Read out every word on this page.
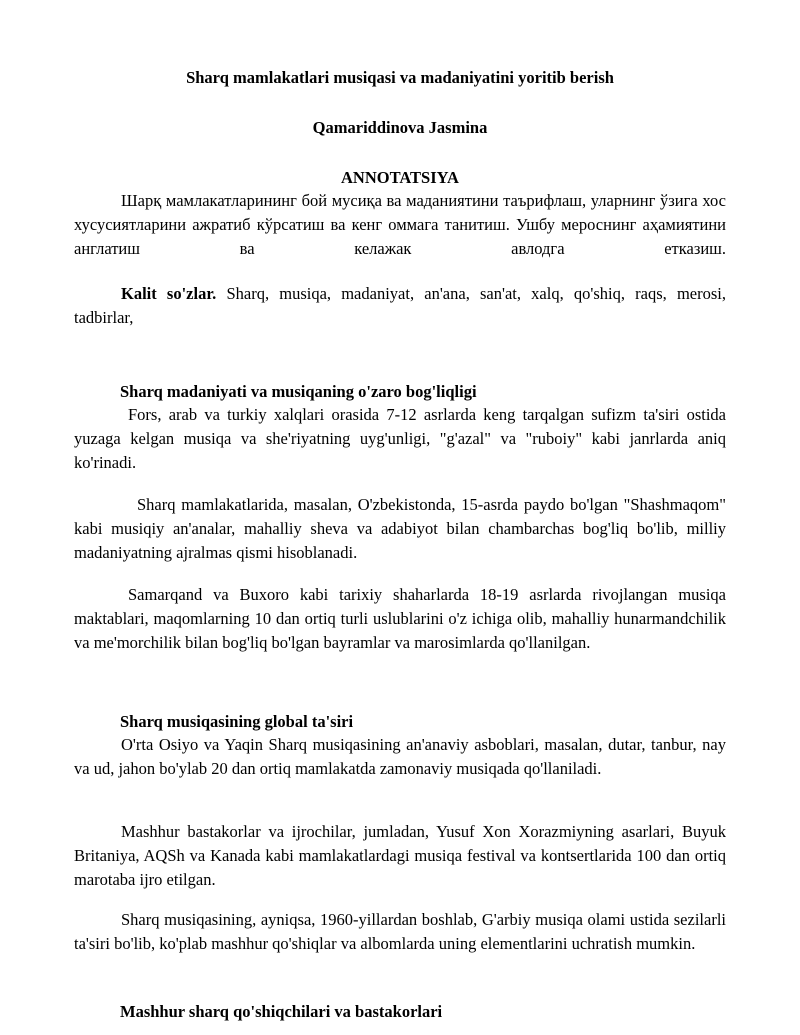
Sharq mamlakatlari musiqasi va madaniyatini yoritib berish
Qamariddinova Jasmina
ANNOTATSIYA
Шарқ мамлакатларининг бой мусиқа ва маданиятини таърифлаш, уларнинг ўзига хос хусусиятларини ажратиб кўрсатиш ва кенг оммага танитиш. Ушбу мероснинг аҳамиятини англатиш ва келажак авлодга етказиш.
Kalit so'zlar. Sharq, musiqa, madaniyat, an'ana, san'at, xalq, qo'shiq, raqs, merosi, tadbirlar,
Sharq madaniyati va musiqaning o'zaro bog'liqligi
Fors, arab va turkiy xalqlari orasida 7-12 asrlarda keng tarqalgan sufizm ta'siri ostida yuzaga kelgan musiqa va she'riyatning uyg'unligi, "g'azal" va "ruboiy" kabi janrlarda aniq ko'rinadi.
Sharq mamlakatlarida, masalan, O'zbekistonda, 15-asrda paydo bo'lgan "Shashmaqom" kabi musiqiy an'analar, mahalliy sheva va adabiyot bilan chambarchas bog'liq bo'lib, milliy madaniyatning ajralmas qismi hisoblanadi.
Samarqand va Buxoro kabi tarixiy shaharlarda 18-19 asrlarda rivojlangan musiqa maktablari, maqomlarning 10 dan ortiq turli uslublarini o'z ichiga olib, mahalliy hunarmandchilik va me'morchilik bilan bog'liq bo'lgan bayramlar va marosimlarda qo'llanilgan.
Sharq musiqasining global ta'siri
O'rta Osiyo va Yaqin Sharq musiqasining an'anaviy asboblari, masalan, dutar, tanbur, nay va ud, jahon bo'ylab 20 dan ortiq mamlakatda zamonaviy musiqada qo'llaniladi.
Mashhur bastakorlar va ijrochilar, jumladan, Yusuf Xon Xorazmiyning asarlari, Buyuk Britaniya, AQSh va Kanada kabi mamlakatlardagi musiqa festival va kontsertlarida 100 dan ortiq marotaba ijro etilgan.
Sharq musiqasining, ayniqsa, 1960-yillardan boshlab, G'arbiy musiqa olami ustida sezilarli ta'siri bo'lib, ko'plab mashhur qo'shiqlar va albomlarda uning elementlarini uchratish mumkin.
Mashhur sharq qo'shiqchilari va bastakorlari
